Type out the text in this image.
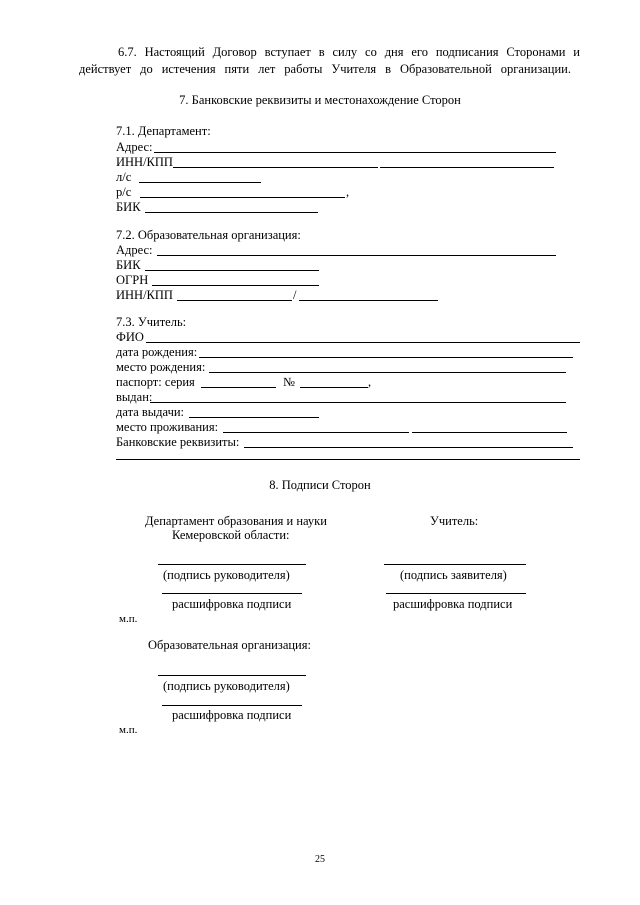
6.7. Настоящий Договор вступает в силу со дня его подписания Сторонами и
действует до истечения пяти лет работы Учителя в Образовательной организации.
7. Банковские реквизиты и местонахождение Сторон
7.1. Департамент:
Адрес:
ИНН/КПП
л/с
р/с	,
БИК
7.2. Образовательная организация:
Адрес:
БИК
ОГРН
ИНН/КПП	/
7.3. Учитель:
ФИО
дата рождения:
место рождения:
паспорт: серия	№	,
выдан:
дата выдачи:
место проживания:
Банковские реквизиты:
8. Подписи Сторон
Департамент образования и науки
Кемеровской области:
Учитель:
(подпись руководителя)	(подпись заявителя)
расшифровка подписи	расшифровка подписи
м.п.
Образовательная организация:
(подпись руководителя)
расшифровка подписи
м.п.
25
